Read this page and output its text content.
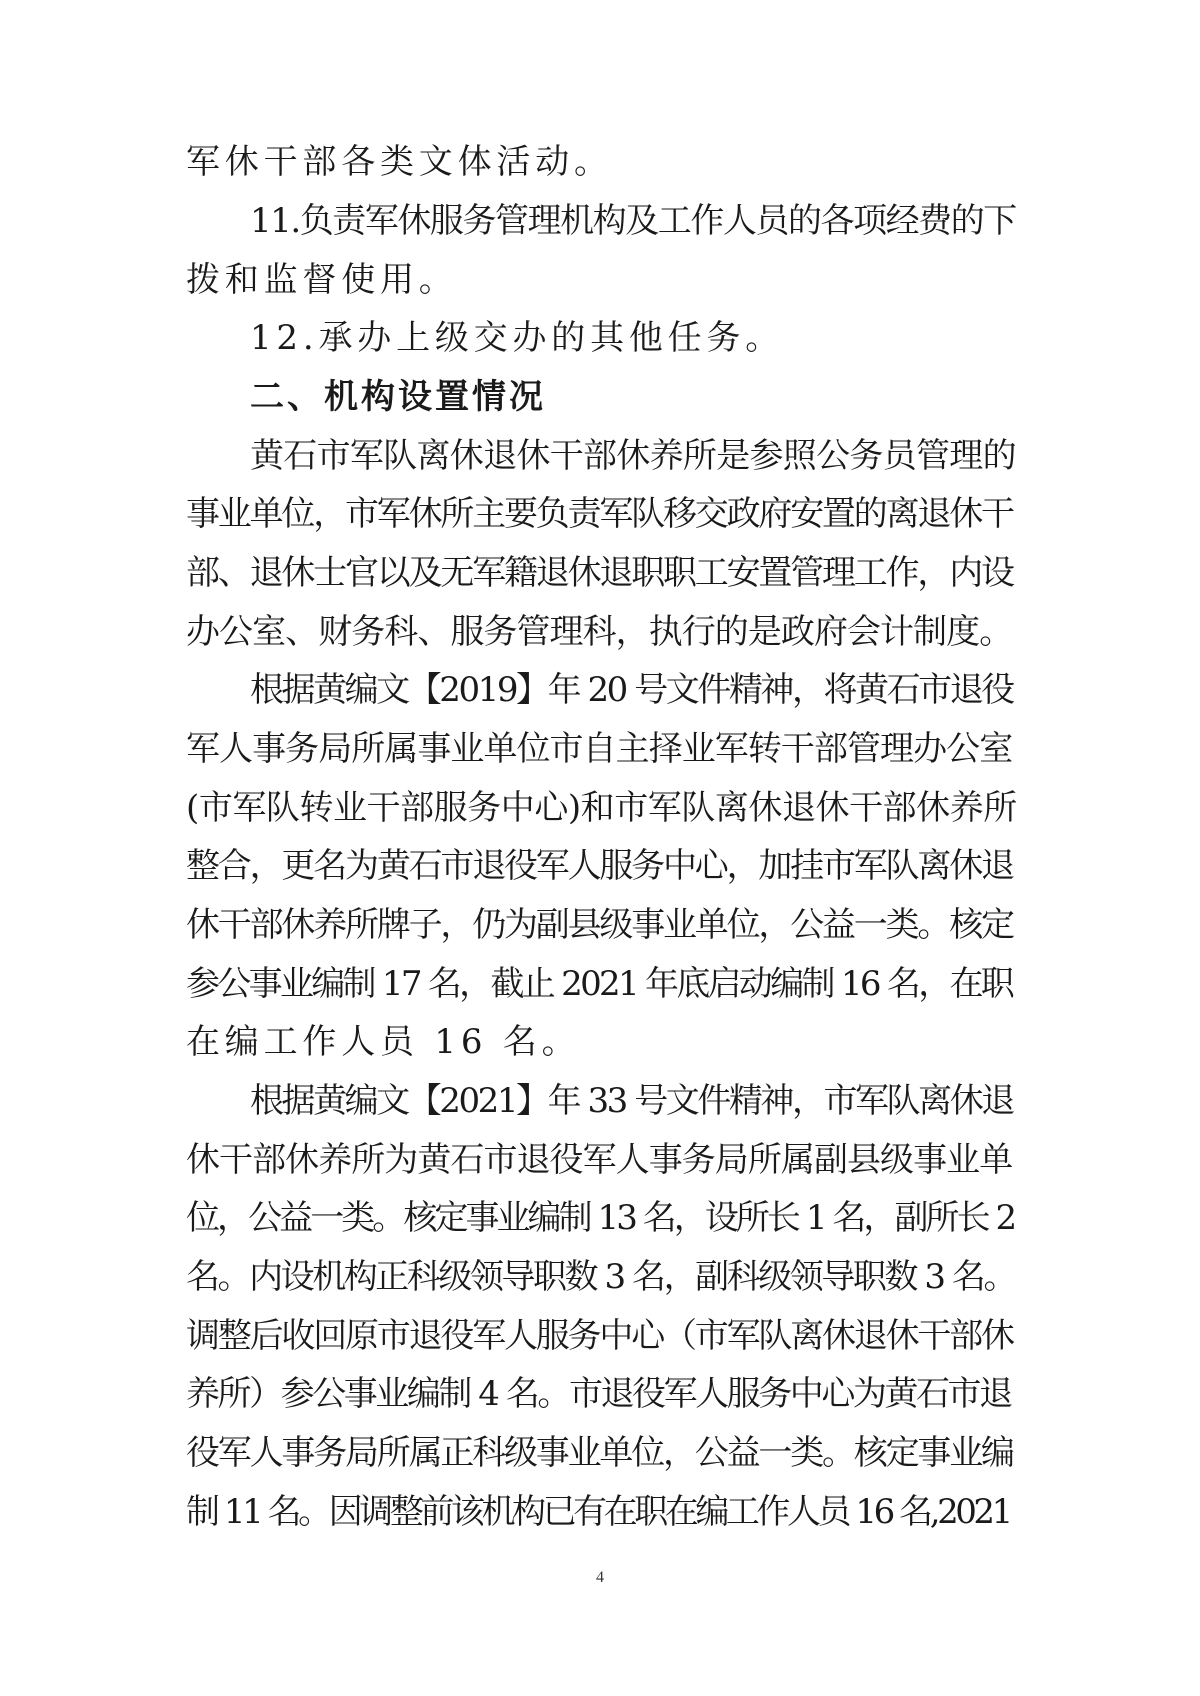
军休干部各类文体活动。
11.负责军休服务管理机构及工作人员的各项经费的下
拨和监督使用。
12.承办上级交办的其他任务。
二、机构设置情况
黄石市军队离休退休干部休养所是参照公务员管理的
事业单位，市军休所主要负责军队移交政府安置的离退休干
部、退休士官以及无军籍退休退职职工安置管理工作，内设
办公室、财务科、服务管理科，执行的是政府会计制度。
根据黄编文【2019】年 20 号文件精神，将黄石市退役
军人事务局所属事业单位市自主择业军转干部管理办公室
(市军队转业干部服务中心)和市军队离休退休干部休养所
整合，更名为黄石市退役军人服务中心，加挂市军队离休退
休干部休养所牌子，仍为副县级事业单位，公益一类。核定
参公事业编制 17 名，截止 2021 年底启动编制 16 名，在职
在编工作人员 16 名。
根据黄编文【2021】年 33 号文件精神，市军队离休退
休干部休养所为黄石市退役军人事务局所属副县级事业单
位，公益一类。核定事业编制 13 名，设所长 1 名，副所长 2
名。内设机构正科级领导职数 3 名，副科级领导职数 3 名。
调整后收回原市退役军人服务中心（市军队离休退休干部休
养所）参公事业编制 4 名。市退役军人服务中心为黄石市退
役军人事务局所属正科级事业单位，公益一类。核定事业编
制 11 名。因调整前该机构已有在职在编工作人员 16 名,2021
4
